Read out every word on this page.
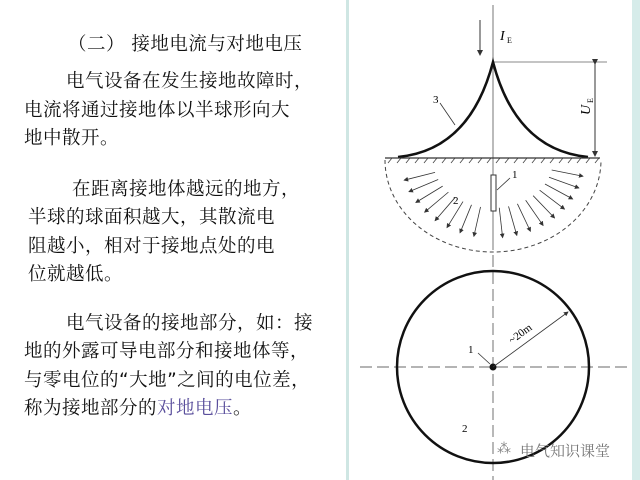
（二） 接地电流与对地电压
电气设备在发生接地故障时，
电流将通过接地体以半球形向大
地中散开。
在距离接地体越远的地方，
半球的球面积越大，其散流电
阻越小，相对于接地点处的电
位就越低。
电气设备的接地部分，如：接
地的外露可导电部分和接地体等，
与零电位的“大地”之间的电位差，
称为接地部分的对地电压。
I E
U
E
3
1
2
~20m
1
2
⁂ 电气知识课堂
